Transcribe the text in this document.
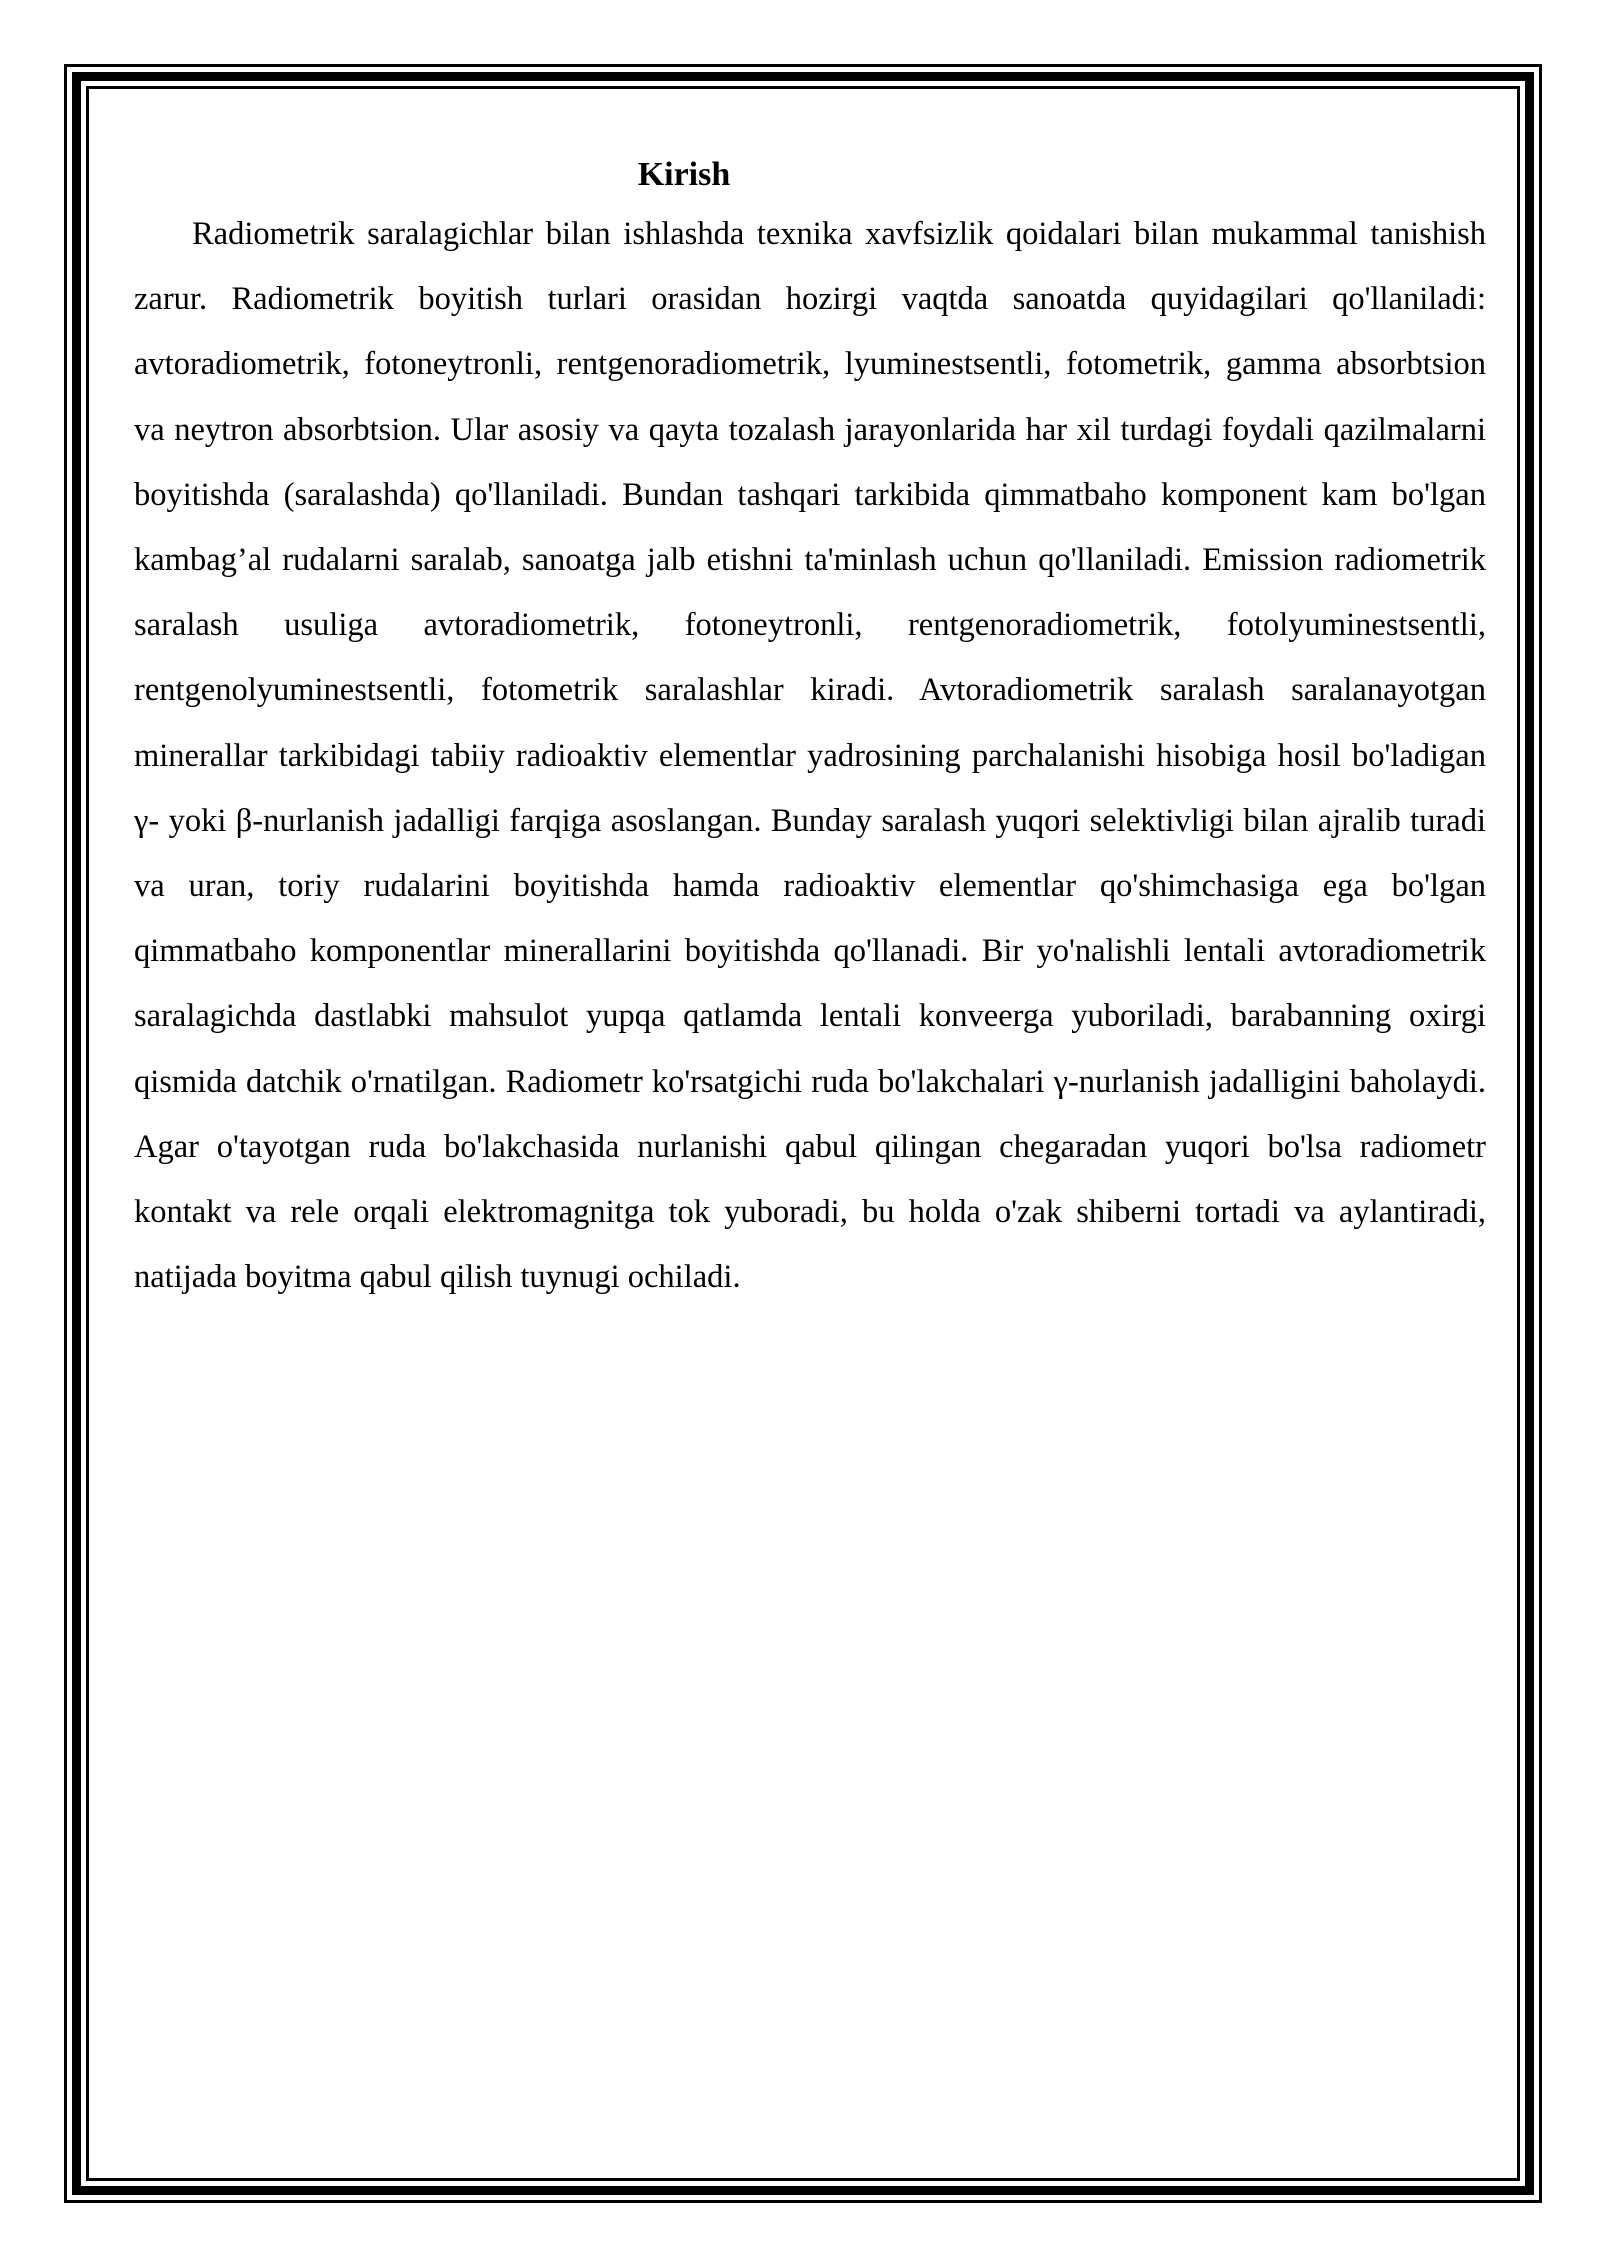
Kirish

Radiometrik saralagichlar bilan ishlashda texnika xavfsizlik qoidalari bilan mukammal tanishish zarur. Radiometrik boyitish turlari orasidan hozirgi vaqtda sanoatda quyidagilari qo'llaniladi: avtoradiometrik, fotoneytronli, rentgenoradiometrik, lyuminestsentli, fotometrik, gamma absorbtsion va neytron absorbtsion. Ular asosiy va qayta tozalash jarayonlarida har xil turdagi foydali qazilmalarni boyitishda (saralashda) qo'llaniladi. Bundan tashqari tarkibida qimmatbaho komponent kam bo'lgan kambag’al rudalarni saralab, sanoatga jalb etishni ta'minlash uchun qo'llaniladi. Emission radiometrik saralash usuliga avtoradiometrik, fotoneytronli, rentgenoradiometrik, fotolyuminestsentli, rentgenolyuminestsentli, fotometrik saralashlar kiradi. Avtoradiometrik saralash saralanayotgan minerallar tarkibidagi tabiiy radioaktiv elementlar yadrosining parchalanishi hisobiga hosil bo'ladigan γ- yoki β-nurlanish jadalligi farqiga asoslangan. Bunday saralash yuqori selektivligi bilan ajralib turadi va uran, toriy rudalarini boyitishda hamda radioaktiv elementlar qo'shimchasiga ega bo'lgan qimmatbaho komponentlar minerallarini boyitishda qo'llanadi. Bir yo'nalishli lentali avtoradiometrik saralagichda dastlabki mahsulot yupqa qatlamda lentali konveerga yuboriladi, barabanning oxirgi qismida datchik o'rnatilgan. Radiometr ko'rsatgichi ruda bo'lakchalari γ-nurlanish jadalligini baholaydi. Agar o'tayotgan ruda bo'lakchasida nurlanishi qabul qilingan chegaradan yuqori bo'lsa radiometr kontakt va rele orqali elektromagnitga tok yuboradi, bu holda o'zak shiberni tortadi va aylantiradi, natijada boyitma qabul qilish tuynugi ochiladi.
